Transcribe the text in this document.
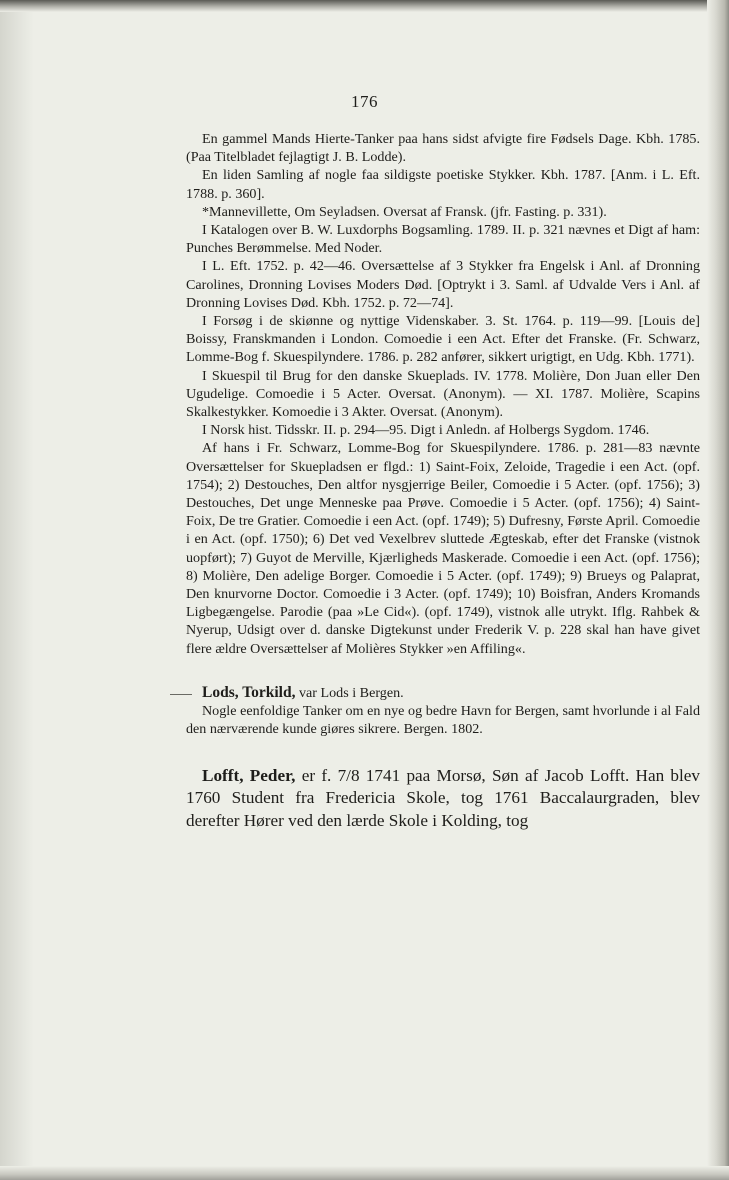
176

En gammel Mands Hierte-Tanker paa hans sidst afvigte fire Fødsels Dage. Kbh. 1785. (Paa Titelbladet fejlagtigt J. B. Lodde).

En liden Samling af nogle faa sildigste poetiske Stykker. Kbh. 1787. [Anm. i L. Eft. 1788. p. 360].

*Mannevillette, Om Seyladsen. Oversat af Fransk. (jfr. Fasting. p. 331).

I Katalogen over B. W. Luxdorphs Bogsamling. 1789. II. p. 321 nævnes et Digt af ham: Punches Berømmelse. Med Noder.

I L. Eft. 1752. p. 42—46. Oversættelse af 3 Stykker fra Engelsk i Anl. af Dronning Carolines, Dronning Lovises Moders Død. [Optrykt i 3. Saml. af Udvalde Vers i Anl. af Dronning Lovises Død. Kbh. 1752. p. 72—74].

I Forsøg i de skiønne og nyttige Videnskaber. 3. St. 1764. p. 119—99. [Louis de] Boissy, Franskmanden i London. Comoedie i een Act. Efter det Franske. (Fr. Schwarz, Lomme-Bog f. Skuespilyndere. 1786. p. 282 anfører, sikkert urigtigt, en Udg. Kbh. 1771).

I Skuespil til Brug for den danske Skueplads. IV. 1778. Molière, Don Juan eller Den Ugudelige. Comoedie i 5 Acter. Oversat. (Anonym). — XI. 1787. Molière, Scapins Skalkestykker. Komoedie i 3 Akter. Oversat. (Anonym).

I Norsk hist. Tidsskr. II. p. 294—95. Digt i Anledn. af Holbergs Sygdom. 1746.

Af hans i Fr. Schwarz, Lomme-Bog for Skuespilyndere. 1786. p. 281—83 nævnte Oversættelser for Skuepladsen er flgd.: 1) Saint-Foix, Zeloide, Tragedie i een Act. (opf. 1754); 2) Destouches, Den altfor nysgjerrige Beiler, Comoedie i 5 Acter. (opf. 1756); 3) Destouches, Det unge Menneske paa Prøve. Comoedie i 5 Acter. (opf. 1756); 4) Saint-Foix, De tre Gratier. Comoedie i een Act. (opf. 1749); 5) Dufresny, Første April. Comoedie i en Act. (opf. 1750); 6) Det ved Vexelbrev sluttede Ægteskab, efter det Franske (vistnok uopført); 7) Guyot de Merville, Kjærligheds Maskerade. Comoedie i een Act. (opf. 1756); 8) Molière, Den adelige Borger. Comoedie i 5 Acter. (opf. 1749); 9) Brueys og Palaprat, Den knurvorne Doctor. Comoedie i 3 Acter. (opf. 1749); 10) Boisfran, Anders Kromands Ligbegængelse. Parodie (paa »Le Cid«). (opf. 1749), vistnok alle utrykt. Iflg. Rahbek & Nyerup, Udsigt over d. danske Digtekunst under Frederik V. p. 228 skal han have givet flere ældre Oversættelser af Molières Stykker »en Affiling«.

Lods, Torkild, var Lods i Bergen.

Nogle eenfoldige Tanker om en nye og bedre Havn for Bergen, samt hvorlunde i al Fald den nærværende kunde giøres sikrere. Bergen. 1802.

Lofft, Peder, er f. 7/8 1741 paa Morsø, Søn af Jacob Lofft. Han blev 1760 Student fra Fredericia Skole, tog 1761 Baccalaurgraden, blev derefter Hører ved den lærde Skole i Kolding, tog
